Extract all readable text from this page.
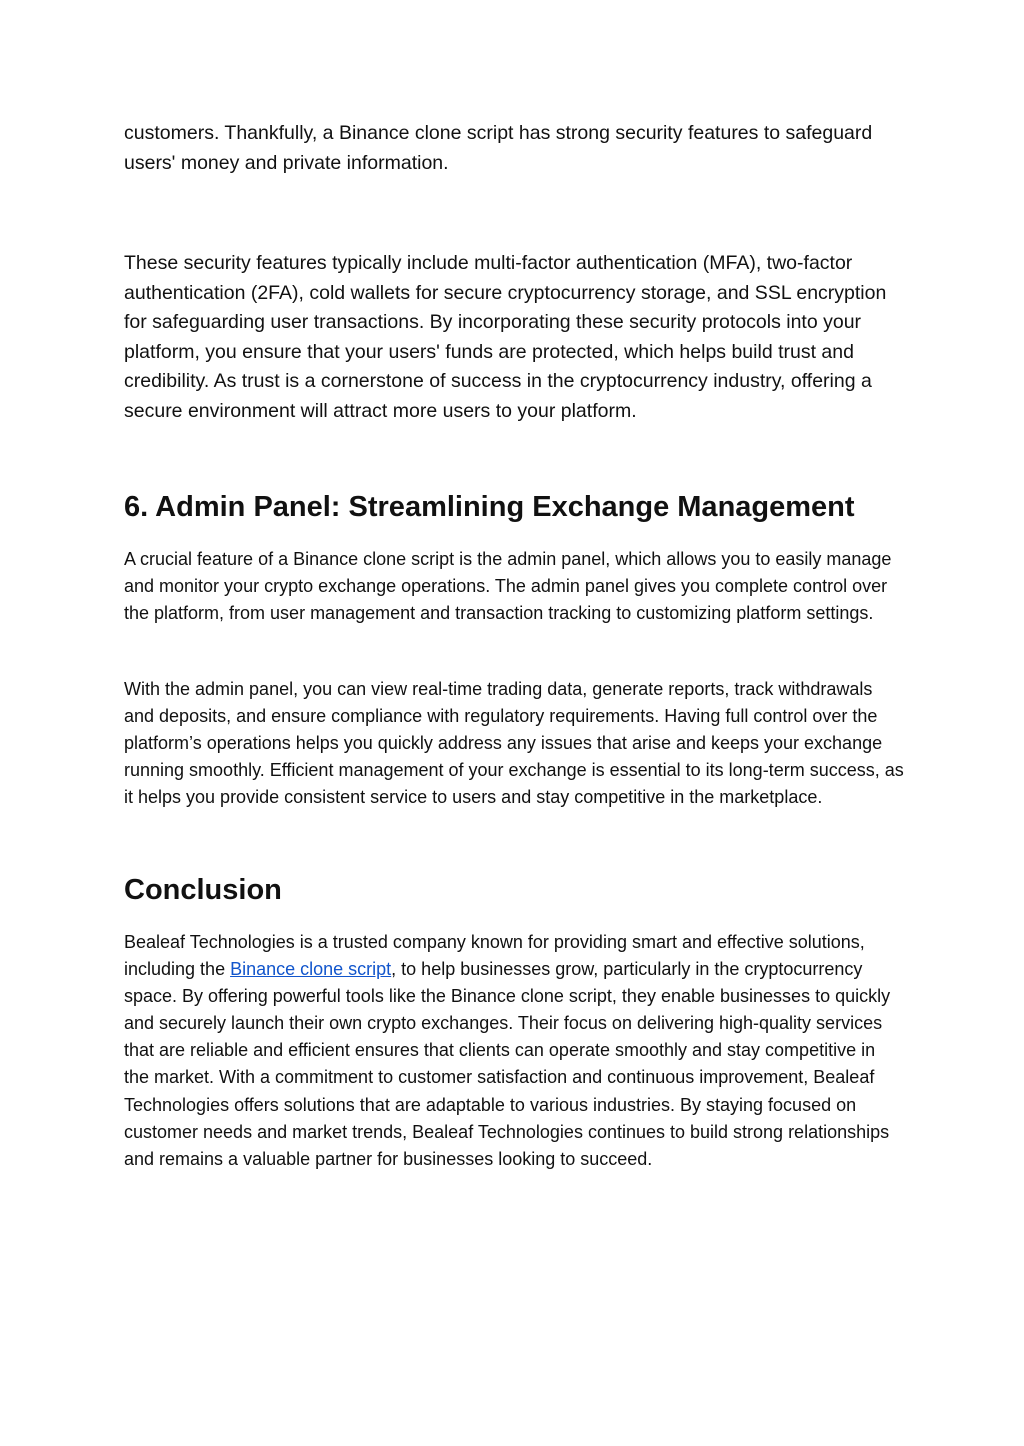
customers. Thankfully, a Binance clone script has strong security features to safeguard users' money and private information.

These security features typically include multi-factor authentication (MFA), two-factor authentication (2FA), cold wallets for secure cryptocurrency storage, and SSL encryption for safeguarding user transactions. By incorporating these security protocols into your platform, you ensure that your users' funds are protected, which helps build trust and credibility. As trust is a cornerstone of success in the cryptocurrency industry, offering a secure environment will attract more users to your platform.

6. Admin Panel: Streamlining Exchange Management

A crucial feature of a Binance clone script is the admin panel, which allows you to easily manage and monitor your crypto exchange operations. The admin panel gives you complete control over the platform, from user management and transaction tracking to customizing platform settings.

With the admin panel, you can view real-time trading data, generate reports, track withdrawals and deposits, and ensure compliance with regulatory requirements. Having full control over the platform’s operations helps you quickly address any issues that arise and keeps your exchange running smoothly. Efficient management of your exchange is essential to its long-term success, as it helps you provide consistent service to users and stay competitive in the marketplace.

Conclusion

Bealeaf Technologies is a trusted company known for providing smart and effective solutions, including the Binance clone script, to help businesses grow, particularly in the cryptocurrency space. By offering powerful tools like the Binance clone script, they enable businesses to quickly and securely launch their own crypto exchanges. Their focus on delivering high-quality services that are reliable and efficient ensures that clients can operate smoothly and stay competitive in the market. With a commitment to customer satisfaction and continuous improvement, Bealeaf Technologies offers solutions that are adaptable to various industries. By staying focused on customer needs and market trends, Bealeaf Technologies continues to build strong relationships and remains a valuable partner for businesses looking to succeed.
